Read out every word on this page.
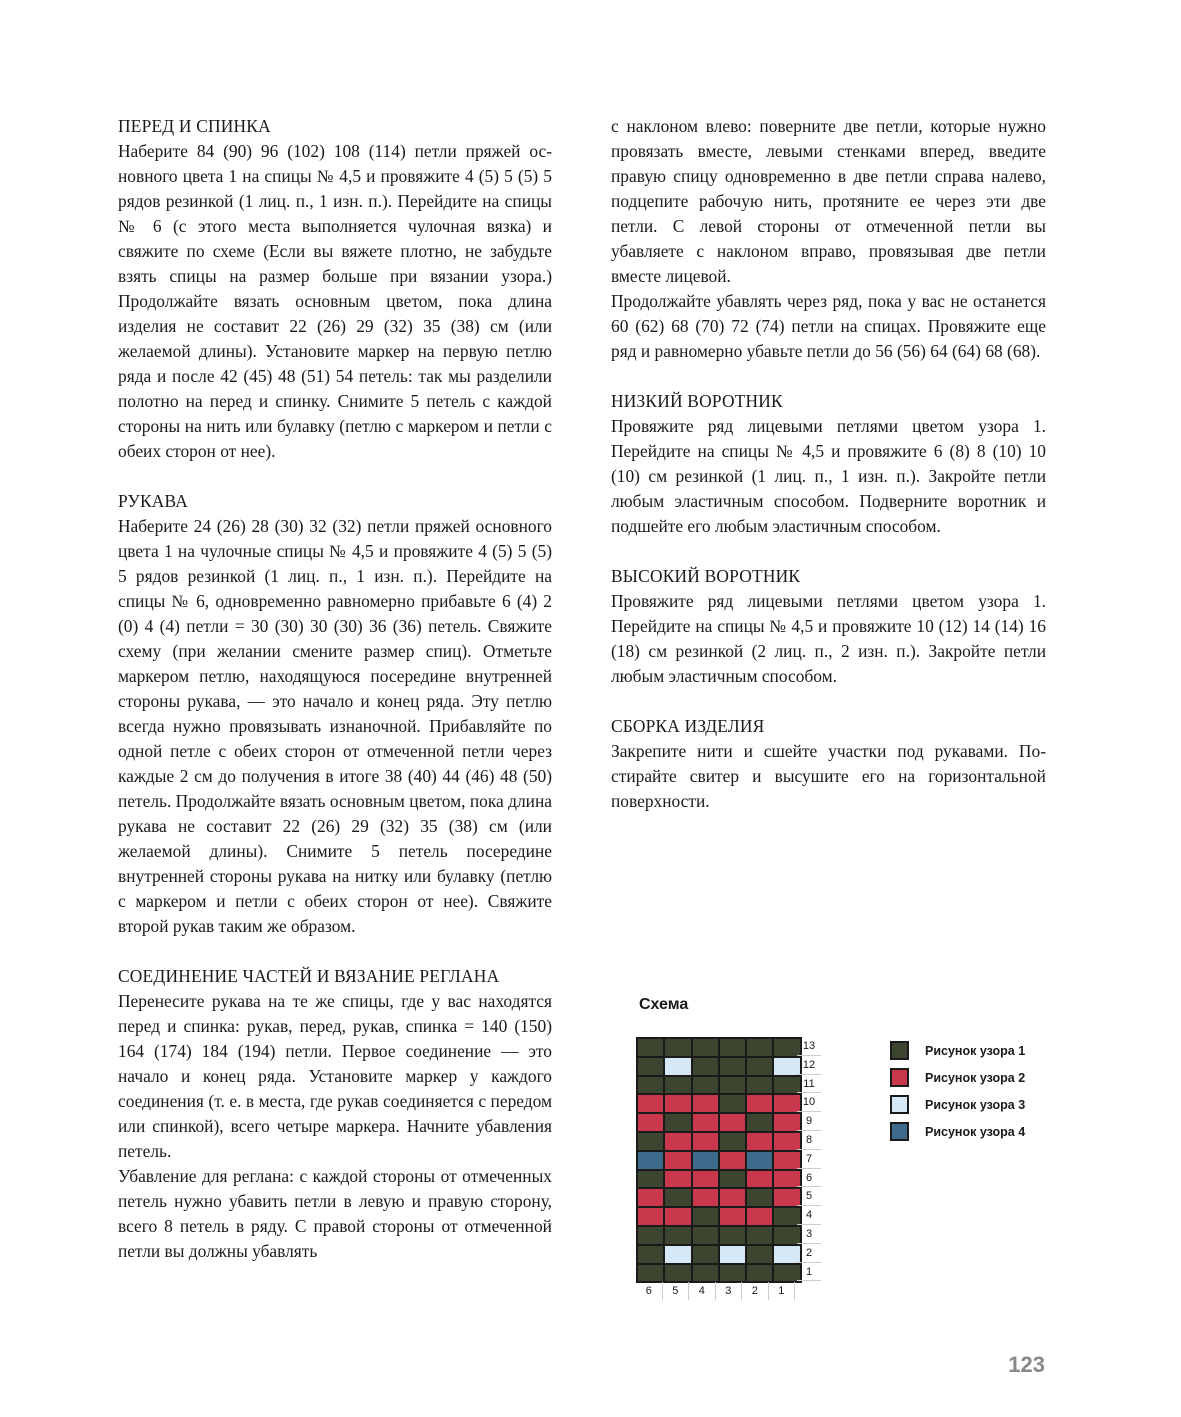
ПЕРЕД И СПИНКА

Наберите 84 (90) 96 (102) 108 (114) петли пряжей основного цвета 1 на спицы № 4,5 и провяжите 4 (5) 5 (5) 5 рядов резинкой (1 лиц. п., 1 изн. п.). Перейдите на спицы № 6 (с этого места выполняется чулочная вязка) и свяжите по схеме (Если вы вяжете плотно, не забудьте взять спицы на размер больше при вязании узора.) Продолжайте вязать основным цветом, пока длина изделия не составит 22 (26) 29 (32) 35 (38) см (или желаемой длины). Установите маркер на первую петлю ряда и после 42 (45) 48 (51) 54 петель: так мы разделили полотно на перед и спинку. Снимите 5 петель с каждой стороны на нить или булавку (петлю с маркером и петли с обеих сторон от нее).

РУКАВА

Наберите 24 (26) 28 (30) 32 (32) петли пряжей основного цвета 1 на чулочные спицы № 4,5 и провяжите 4 (5) 5 (5) 5 рядов резинкой (1 лиц. п., 1 изн. п.). Перейдите на спицы № 6, одновременно равномерно прибавьте 6 (4) 2 (0) 4 (4) петли = 30 (30) 30 (30) 36 (36) петель. Свяжите схему (при желании смените размер спиц). Отметьте маркером петлю, находящуюся посередине внутренней стороны рукава, — это начало и конец ряда. Эту петлю всегда нужно провязывать изнаночной. Прибавляйте по одной петле с обеих сторон от отмеченной петли через каждые 2 см до получения в итоге 38 (40) 44 (46) 48 (50) петель. Продолжайте вязать основным цветом, пока длина рукава не составит 22 (26) 29 (32) 35 (38) см (или желаемой длины). Снимите 5 петель посередине внутренней стороны рукава на нитку или булавку (петлю с маркером и петли с обеих сторон от нее). Свяжите второй рукав таким же образом.

СОЕДИНЕНИЕ ЧАСТЕЙ И ВЯЗАНИЕ РЕГЛАНА

Перенесите рукава на те же спицы, где у вас находятся перед и спинка: рукав, перед, рукав, спинка = 140 (150) 164 (174) 184 (194) петли. Первое соединение — это начало и конец ряда. Установите маркер у каждого соединения (т. е. в места, где рукав соединяется с передом или спинкой), всего четыре маркера. Начните убавления петель.

Убавление для реглана: с каждой стороны от отмеченных петель нужно убавить петли в левую и правую сторону, всего 8 петель в ряду. С правой стороны от отмеченной петли вы должны убавлять

с наклоном влево: поверните две петли, которые нужно провязать вместе, левыми стенками вперед, введите правую спицу одновременно в две петли справа налево, подцепите рабочую нить, протяните ее через эти две петли. С левой стороны от отмеченной петли вы убавляете с наклоном вправо, провязывая две петли вместе лицевой.

Продолжайте убавлять через ряд, пока у вас не останется 60 (62) 68 (70) 72 (74) петли на спицах. Провяжите еще ряд и равномерно убавьте петли до 56 (56) 64 (64) 68 (68).

НИЗКИЙ ВОРОТНИК

Провяжите ряд лицевыми петлями цветом узора 1. Перейдите на спицы № 4,5 и провяжите 6 (8) 8 (10) 10 (10) см резинкой (1 лиц. п., 1 изн. п.). Закройте петли любым эластичным способом. Подверните воротник и подшейте его любым эластичным способом.

ВЫСОКИЙ ВОРОТНИК

Провяжите ряд лицевыми петлями цветом узора 1. Перейдите на спицы № 4,5 и провяжите 10 (12) 14 (14) 16 (18) см резинкой (2 лиц. п., 2 изн. п.). Закройте петли любым эластичным способом.

СБОРКА ИЗДЕЛИЯ

Закрепите нити и сшейте участки под рукавами. Постирайте свитер и высушите его на горизонтальной поверхности.

Схема
13
12
11
10
9
8
7
6
5
4
3
2
1
6	5	4	3	2	1
Рисунок узора 1
Рисунок узора 2
Рисунок узора 3
Рисунок узора 4
123
